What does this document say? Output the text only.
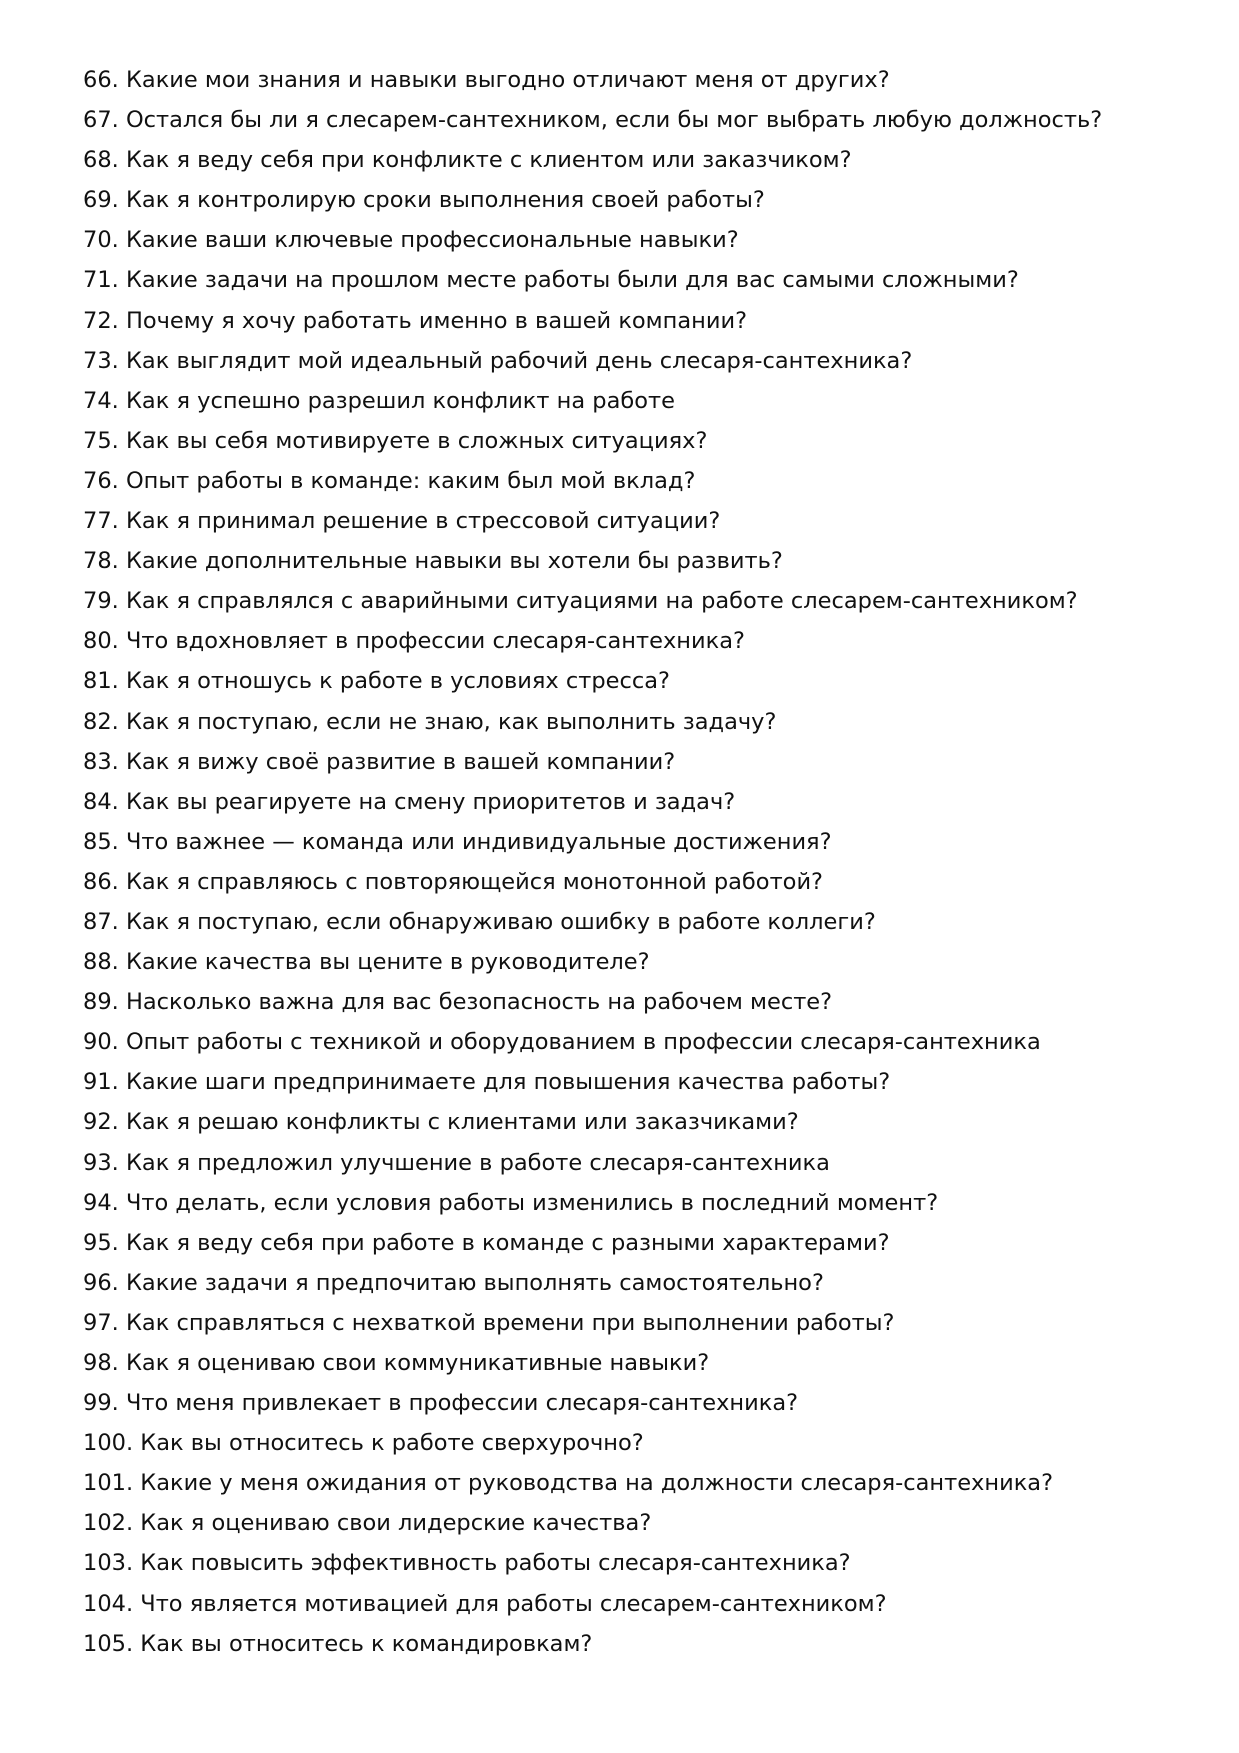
66. Какие мои знания и навыки выгодно отличают меня от других?
67. Остался бы ли я слесарем-сантехником, если бы мог выбрать любую должность?
68. Как я веду себя при конфликте с клиентом или заказчиком?
69. Как я контролирую сроки выполнения своей работы?
70. Какие ваши ключевые профессиональные навыки?
71. Какие задачи на прошлом месте работы были для вас самыми сложными?
72. Почему я хочу работать именно в вашей компании?
73. Как выглядит мой идеальный рабочий день слесаря-сантехника?
74. Как я успешно разрешил конфликт на работе
75. Как вы себя мотивируете в сложных ситуациях?
76. Опыт работы в команде: каким был мой вклад?
77. Как я принимал решение в стрессовой ситуации?
78. Какие дополнительные навыки вы хотели бы развить?
79. Как я справлялся с аварийными ситуациями на работе слесарем-сантехником?
80. Что вдохновляет в профессии слесаря-сантехника?
81. Как я отношусь к работе в условиях стресса?
82. Как я поступаю, если не знаю, как выполнить задачу?
83. Как я вижу своё развитие в вашей компании?
84. Как вы реагируете на смену приоритетов и задач?
85. Что важнее — команда или индивидуальные достижения?
86. Как я справляюсь с повторяющейся монотонной работой?
87. Как я поступаю, если обнаруживаю ошибку в работе коллеги?
88. Какие качества вы цените в руководителе?
89. Насколько важна для вас безопасность на рабочем месте?
90. Опыт работы с техникой и оборудованием в профессии слесаря-сантехника
91. Какие шаги предпринимаете для повышения качества работы?
92. Как я решаю конфликты с клиентами или заказчиками?
93. Как я предложил улучшение в работе слесаря-сантехника
94. Что делать, если условия работы изменились в последний момент?
95. Как я веду себя при работе в команде с разными характерами?
96. Какие задачи я предпочитаю выполнять самостоятельно?
97. Как справляться с нехваткой времени при выполнении работы?
98. Как я оцениваю свои коммуникативные навыки?
99. Что меня привлекает в профессии слесаря-сантехника?
100. Как вы относитесь к работе сверхурочно?
101. Какие у меня ожидания от руководства на должности слесаря-сантехника?
102. Как я оцениваю свои лидерские качества?
103. Как повысить эффективность работы слесаря-сантехника?
104. Что является мотивацией для работы слесарем-сантехником?
105. Как вы относитесь к командировкам?
